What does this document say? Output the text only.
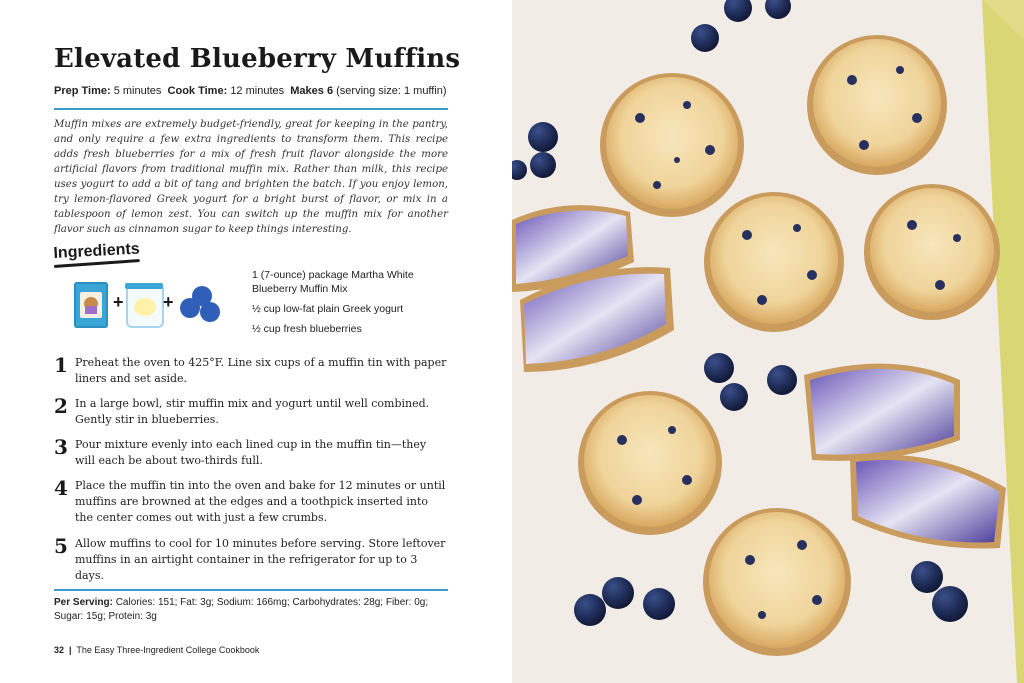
Elevated Blueberry Muffins
Prep Time: 5 minutes Cook Time: 12 minutes Makes 6 (serving size: 1 muffin)

Muffin mixes are extremely budget-friendly, great for keeping in the pantry, and only require a few extra ingredients to transform them. This recipe adds fresh blueberries for a mix of fresh fruit flavor alongside the more artificial flavors from traditional muffin mix. Rather than milk, this recipe uses yogurt to add a bit of tang and brighten the batch. If you enjoy lemon, try lemon-flavored Greek yogurt for a bright burst of flavor, or mix in a tablespoon of lemon zest. You can switch up the muffin mix for another flavor such as cinnamon sugar to keep things interesting.

Ingredients
+ +
1 (7-ounce) package Martha White Blueberry Muffin Mix
½ cup low-fat plain Greek yogurt
½ cup fresh blueberries
1 Preheat the oven to 425°F. Line six cups of a muffin tin with paper liners and set aside.
2 In a large bowl, stir muffin mix and yogurt until well combined. Gently stir in blueberries.
3 Pour mixture evenly into each lined cup in the muffin tin—they will each be about two-thirds full.
4 Place the muffin tin into the oven and bake for 12 minutes or until muffins are browned at the edges and a toothpick inserted into the center comes out with just a few crumbs.
5 Allow muffins to cool for 10 minutes before serving. Store leftover muffins in an airtight container in the refrigerator for up to 3 days.
Per Serving: Calories: 151; Fat: 3g; Sodium: 166mg; Carbohydrates: 28g; Fiber: 0g; Sugar: 15g; Protein: 3g
32 | The Easy Three-Ingredient College Cookbook
